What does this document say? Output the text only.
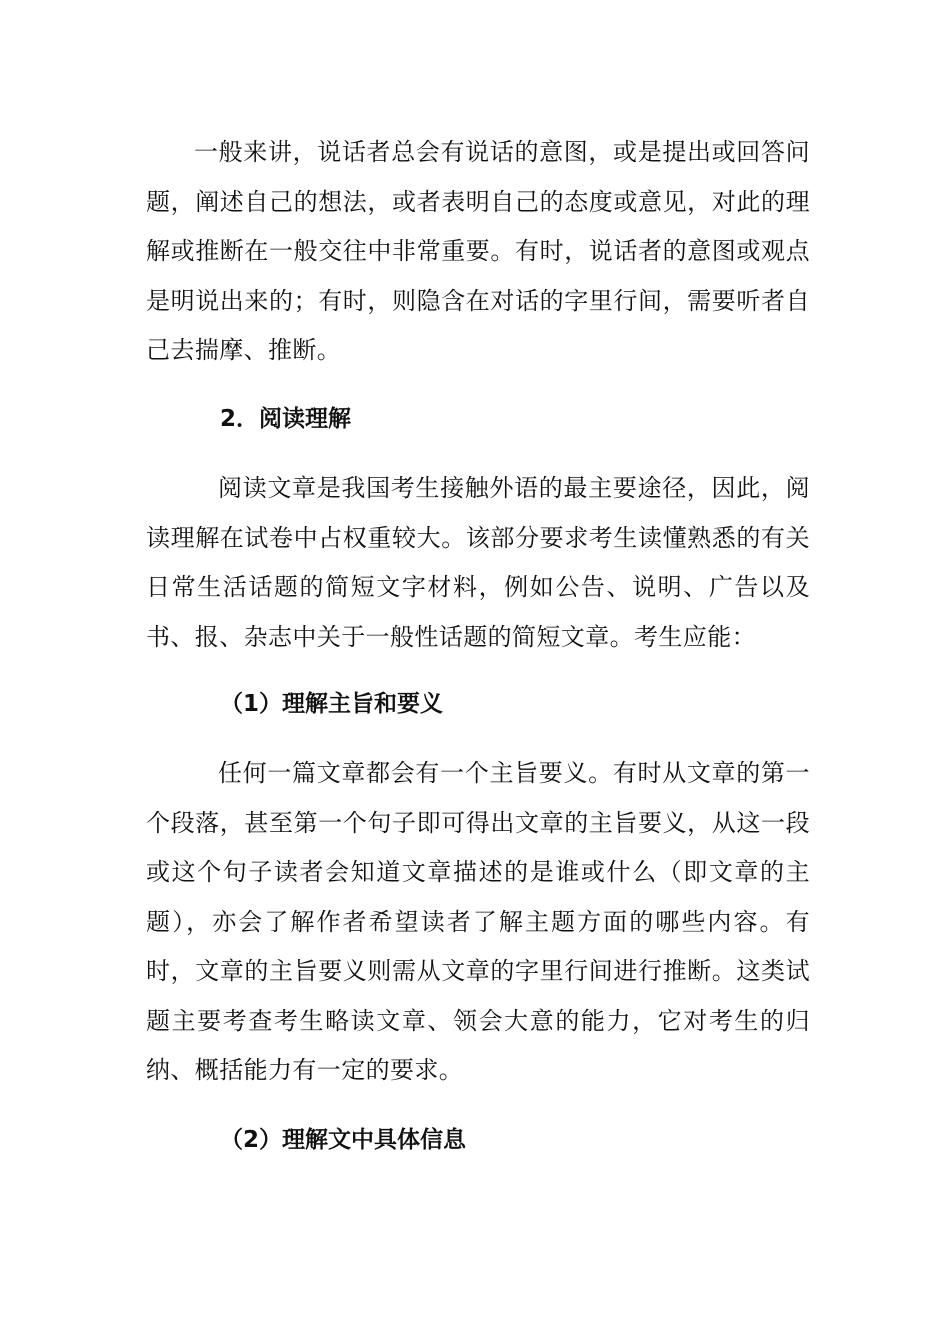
一般来讲，说话者总会有说话的意图，或是提出或回答问题，阐述自己的想法，或者表明自己的态度或意见，对此的理解或推断在一般交往中非常重要。有时，说话者的意图或观点是明说出来的；有时，则隐含在对话的字里行间，需要听者自己去揣摩、推断。

2．阅读理解

阅读文章是我国考生接触外语的最主要途径，因此，阅读理解在试卷中占权重较大。该部分要求考生读懂熟悉的有关日常生活话题的简短文字材料，例如公告、说明、广告以及书、报、杂志中关于一般性话题的简短文章。考生应能：

（1）理解主旨和要义

任何一篇文章都会有一个主旨要义。有时从文章的第一个段落，甚至第一个句子即可得出文章的主旨要义，从这一段或这个句子读者会知道文章描述的是谁或什么（即文章的主题），亦会了解作者希望读者了解主题方面的哪些内容。有时，文章的主旨要义则需从文章的字里行间进行推断。这类试题主要考查考生略读文章、领会大意的能力，它对考生的归纳、概括能力有一定的要求。

（2）理解文中具体信息
